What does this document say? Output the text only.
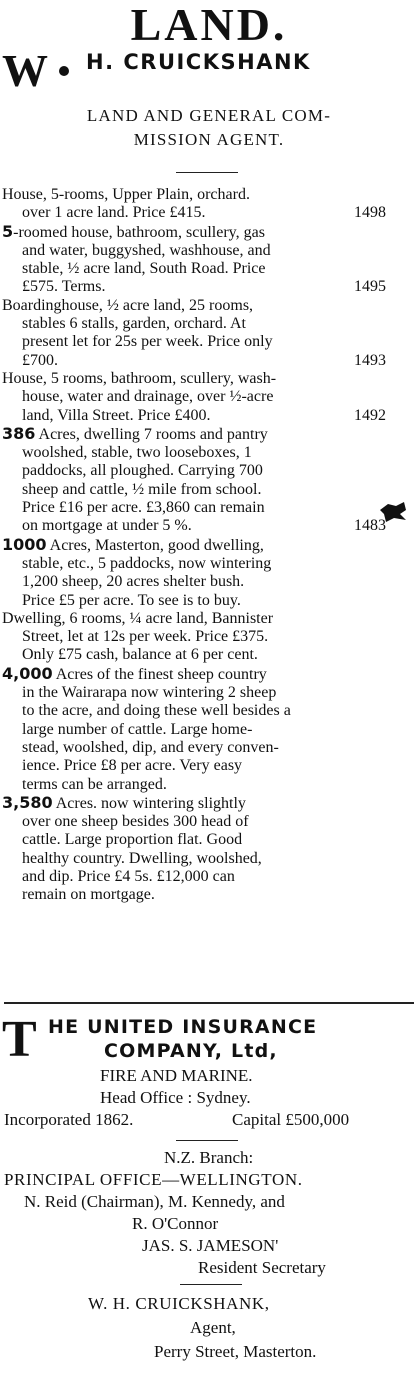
LAND.
W H. CRUICKSHANK
LAND AND GENERAL COM-
MISSION AGENT.
House, 5-rooms, Upper Plain, orchard.
over 1 acre land. Price £415.	1498
5-roomed house, bathroom, scullery, gas
and water, buggyshed, washhouse, and
stable, ½ acre land, South Road. Price
£575. Terms.	1495
Boardinghouse, ½ acre land, 25 rooms,
stables 6 stalls, garden, orchard. At
present let for 25s per week. Price only
£700.	1493
House, 5 rooms, bathroom, scullery, wash-
house, water and drainage, over ½-acre
land, Villa Street. Price £400.	1492
386 Acres, dwelling 7 rooms and pantry
woolshed, stable, two looseboxes, 1
paddocks, all ploughed. Carrying 700
sheep and cattle, ½ mile from school.
Price £16 per acre. £3,860 can remain
on mortgage at under 5 %.	1483
1000 Acres, Masterton, good dwelling,
stable, etc., 5 paddocks, now wintering
1,200 sheep, 20 acres shelter bush.
Price £5 per acre. To see is to buy.
Dwelling, 6 rooms, ¼ acre land, Bannister
Street, let at 12s per week. Price £375.
Only £75 cash, balance at 6 per cent.
4,000 Acres of the finest sheep country
in the Wairarapa now wintering 2 sheep
to the acre, and doing these well besides a
large number of cattle. Large home-
stead, woolshed, dip, and every conven-
ience. Price £8 per acre. Very easy
terms can be arranged.
3,580 Acres. now wintering slightly
over one sheep besides 300 head of
cattle. Large proportion flat. Good
healthy country. Dwelling, woolshed,
and dip. Price £4 5s. £12,000 can
remain on mortgage.
T HE UNITED INSURANCE
COMPANY, Ltd,
FIRE AND MARINE.
Head Office : Sydney.
Incorporated 1862.	Capital £500,000
N.Z. Branch:
PRINCIPAL OFFICE—WELLINGTON.
N. Reid (Chairman), M. Kennedy, and
R. O'Connor
JAS. S. JAMESON'
Resident Secretary
W. H. CRUICKSHANK,
Agent,
Perry Street, Masterton.
